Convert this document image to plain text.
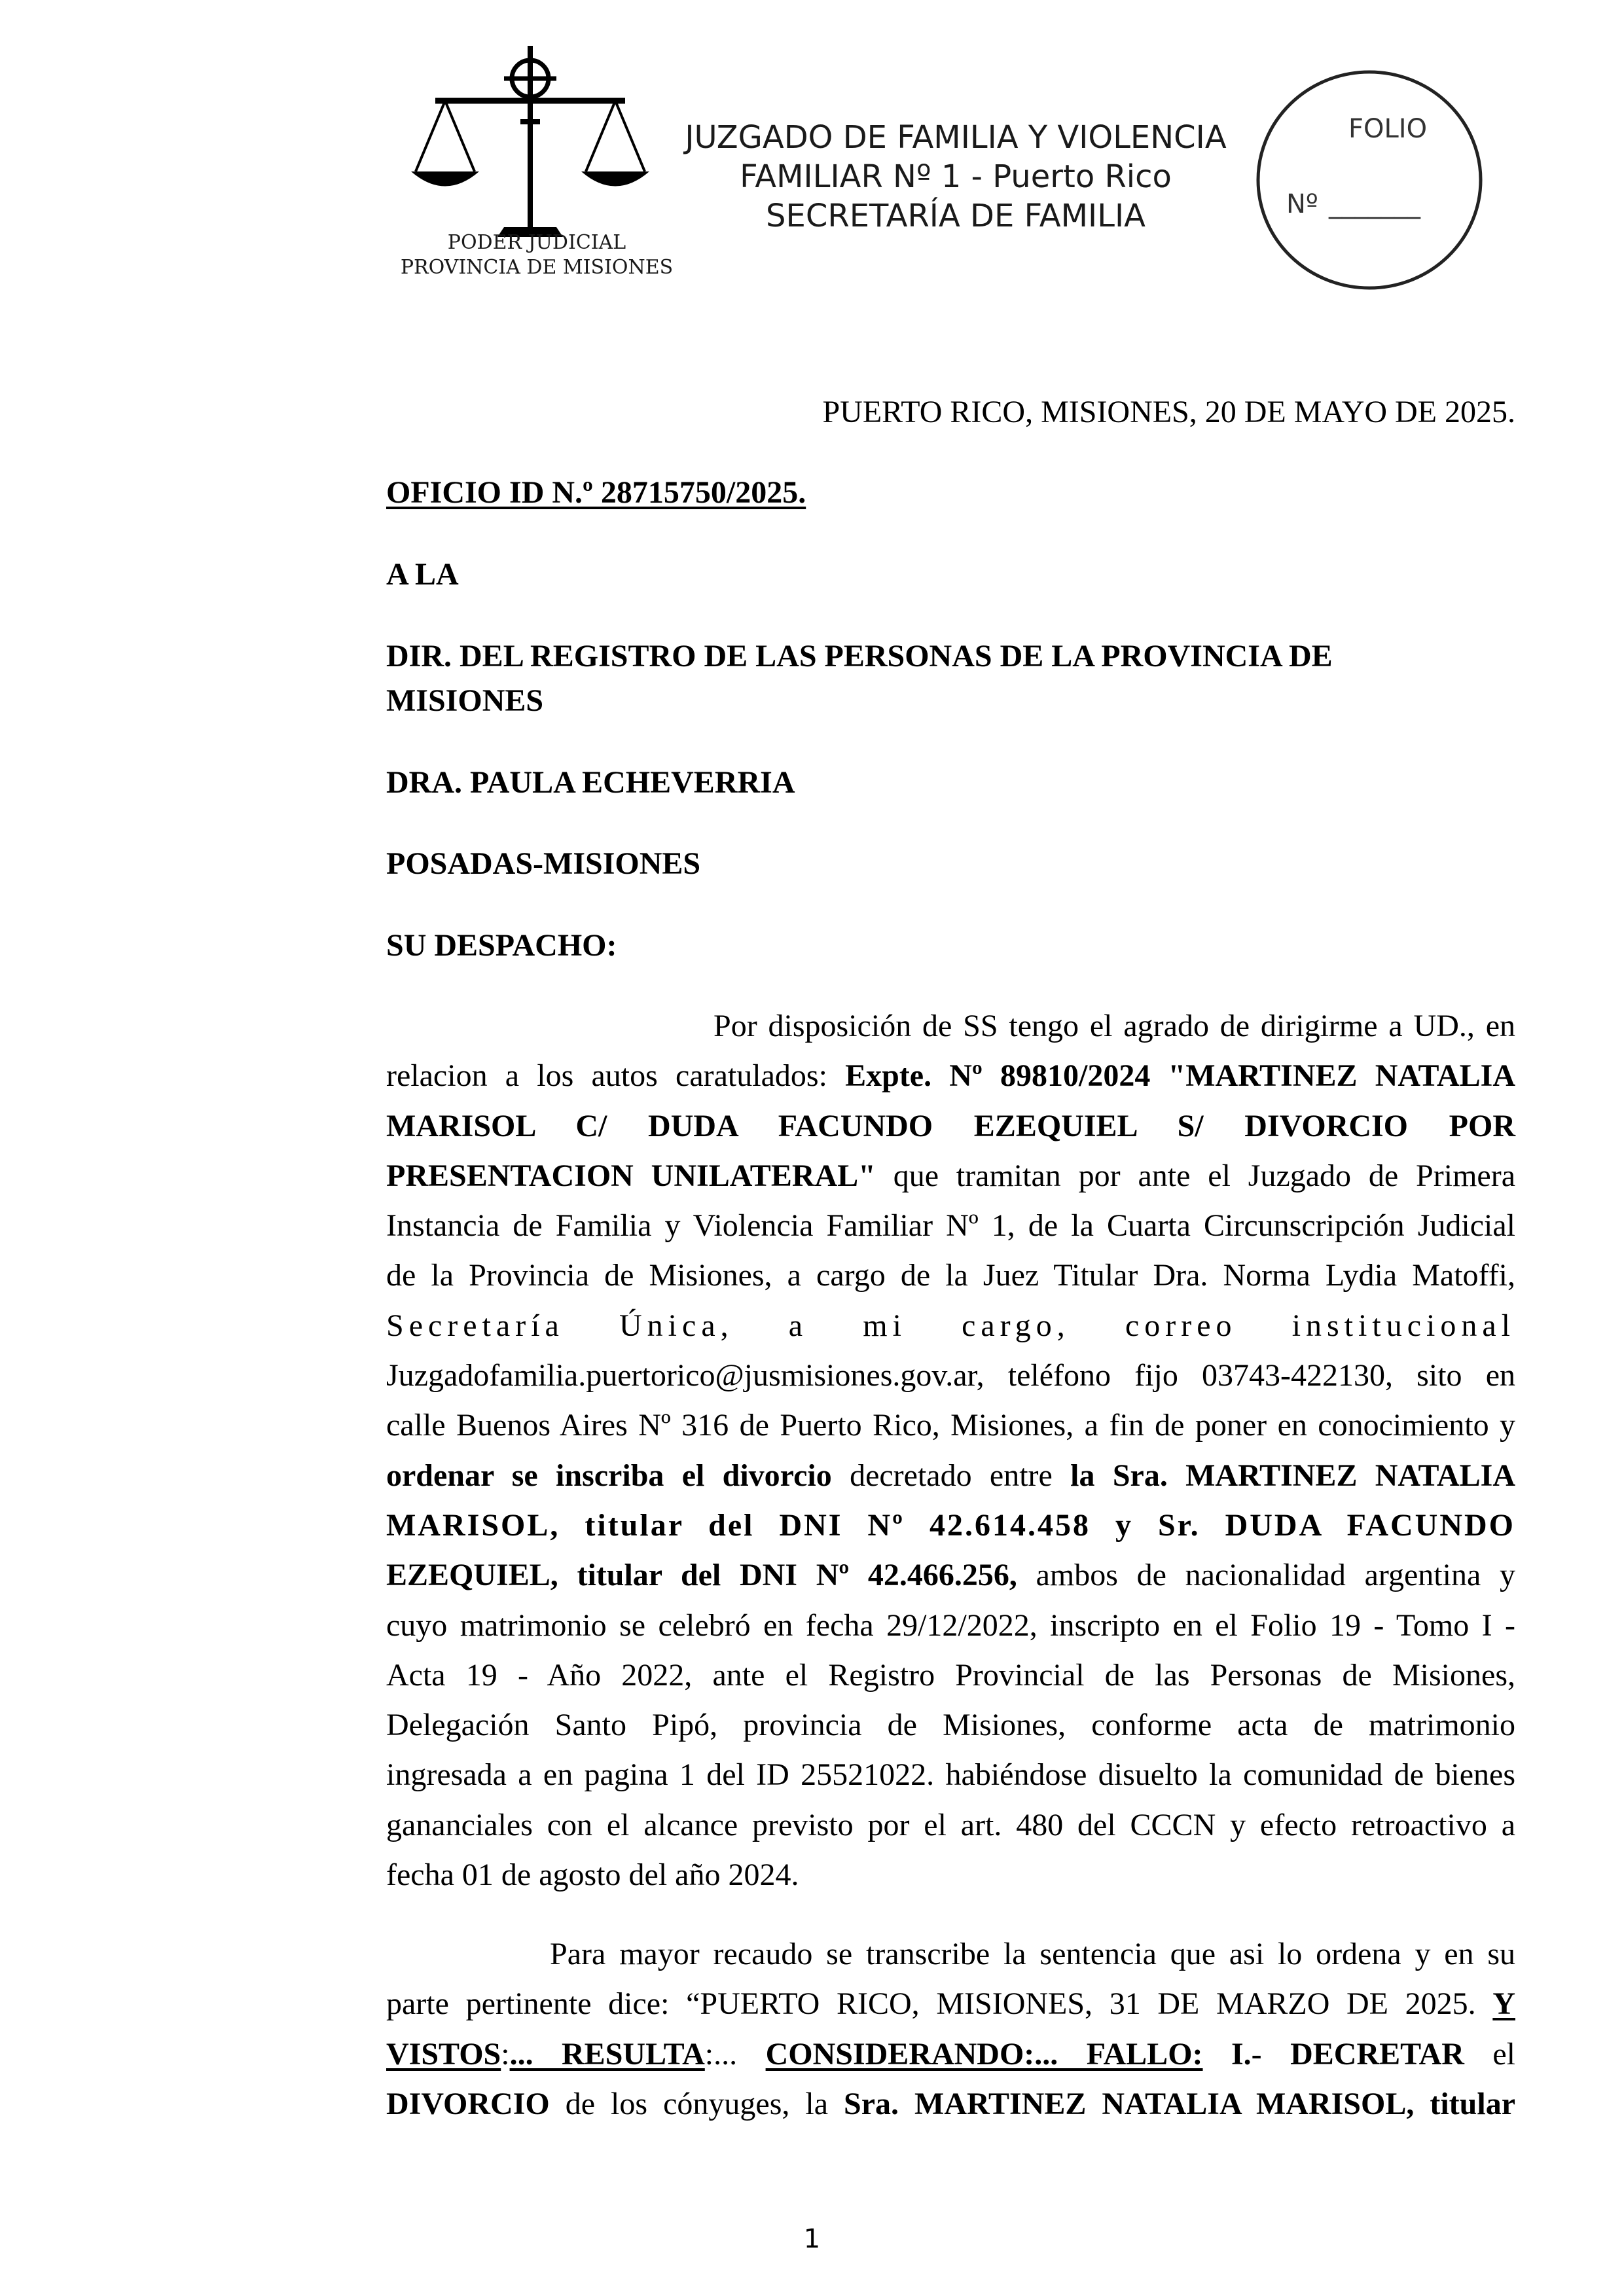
PODER JUDICIAL
PROVINCIA DE MISIONES
JUZGADO DE FAMILIA Y VIOLENCIA
FAMILIAR Nº 1 - Puerto Rico
SECRETARÍA DE FAMILIA
FOLIO
Nº _______
PUERTO RICO, MISIONES, 20 DE MAYO DE 2025.
OFICIO ID N.º 28715750/2025.
A LA
DIR. DEL REGISTRO DE LAS PERSONAS DE LA PROVINCIA DE
MISIONES
DRA. PAULA ECHEVERRIA
POSADAS-MISIONES
SU DESPACHO:
Por disposición de SS tengo el agrado de dirigirme a UD., en
relacion a los autos caratulados: Expte. Nº 89810/2024 "MARTINEZ NATALIA
MARISOL C/ DUDA FACUNDO EZEQUIEL S/ DIVORCIO POR
PRESENTACION UNILATERAL" que tramitan por ante el Juzgado de Primera
Instancia de Familia y Violencia Familiar Nº 1, de la Cuarta Circunscripción Judicial
de la Provincia de Misiones, a cargo de la Juez Titular Dra. Norma Lydia Matoffi,
Secretaría Única, a mi cargo, correo institucional
Juzgadofamilia.puertorico@jusmisiones.gov.ar, teléfono fijo 03743-422130, sito en
calle Buenos Aires Nº 316 de Puerto Rico, Misiones, a fin de poner en conocimiento y
ordenar se inscriba el divorcio decretado entre la Sra. MARTINEZ NATALIA
MARISOL, titular del DNI Nº 42.614.458 y Sr. DUDA FACUNDO
EZEQUIEL, titular del DNI Nº 42.466.256, ambos de nacionalidad argentina y
cuyo matrimonio se celebró en fecha 29/12/2022, inscripto en el Folio 19 - Tomo I -
Acta 19 - Año 2022, ante el Registro Provincial de las Personas de Misiones,
Delegación Santo Pipó, provincia de Misiones, conforme acta de matrimonio
ingresada a en pagina 1 del ID 25521022. habiéndose disuelto la comunidad de bienes
gananciales con el alcance previsto por el art. 480 del CCCN y efecto retroactivo a
fecha 01 de agosto del año 2024.
Para mayor recaudo se transcribe la sentencia que asi lo ordena y en su
parte pertinente dice: “PUERTO RICO, MISIONES, 31 DE MARZO DE 2025. Y
VISTOS:... RESULTA:... CONSIDERANDO:... FALLO: I.- DECRETAR el
DIVORCIO de los cónyuges, la Sra. MARTINEZ NATALIA MARISOL, titular
1
